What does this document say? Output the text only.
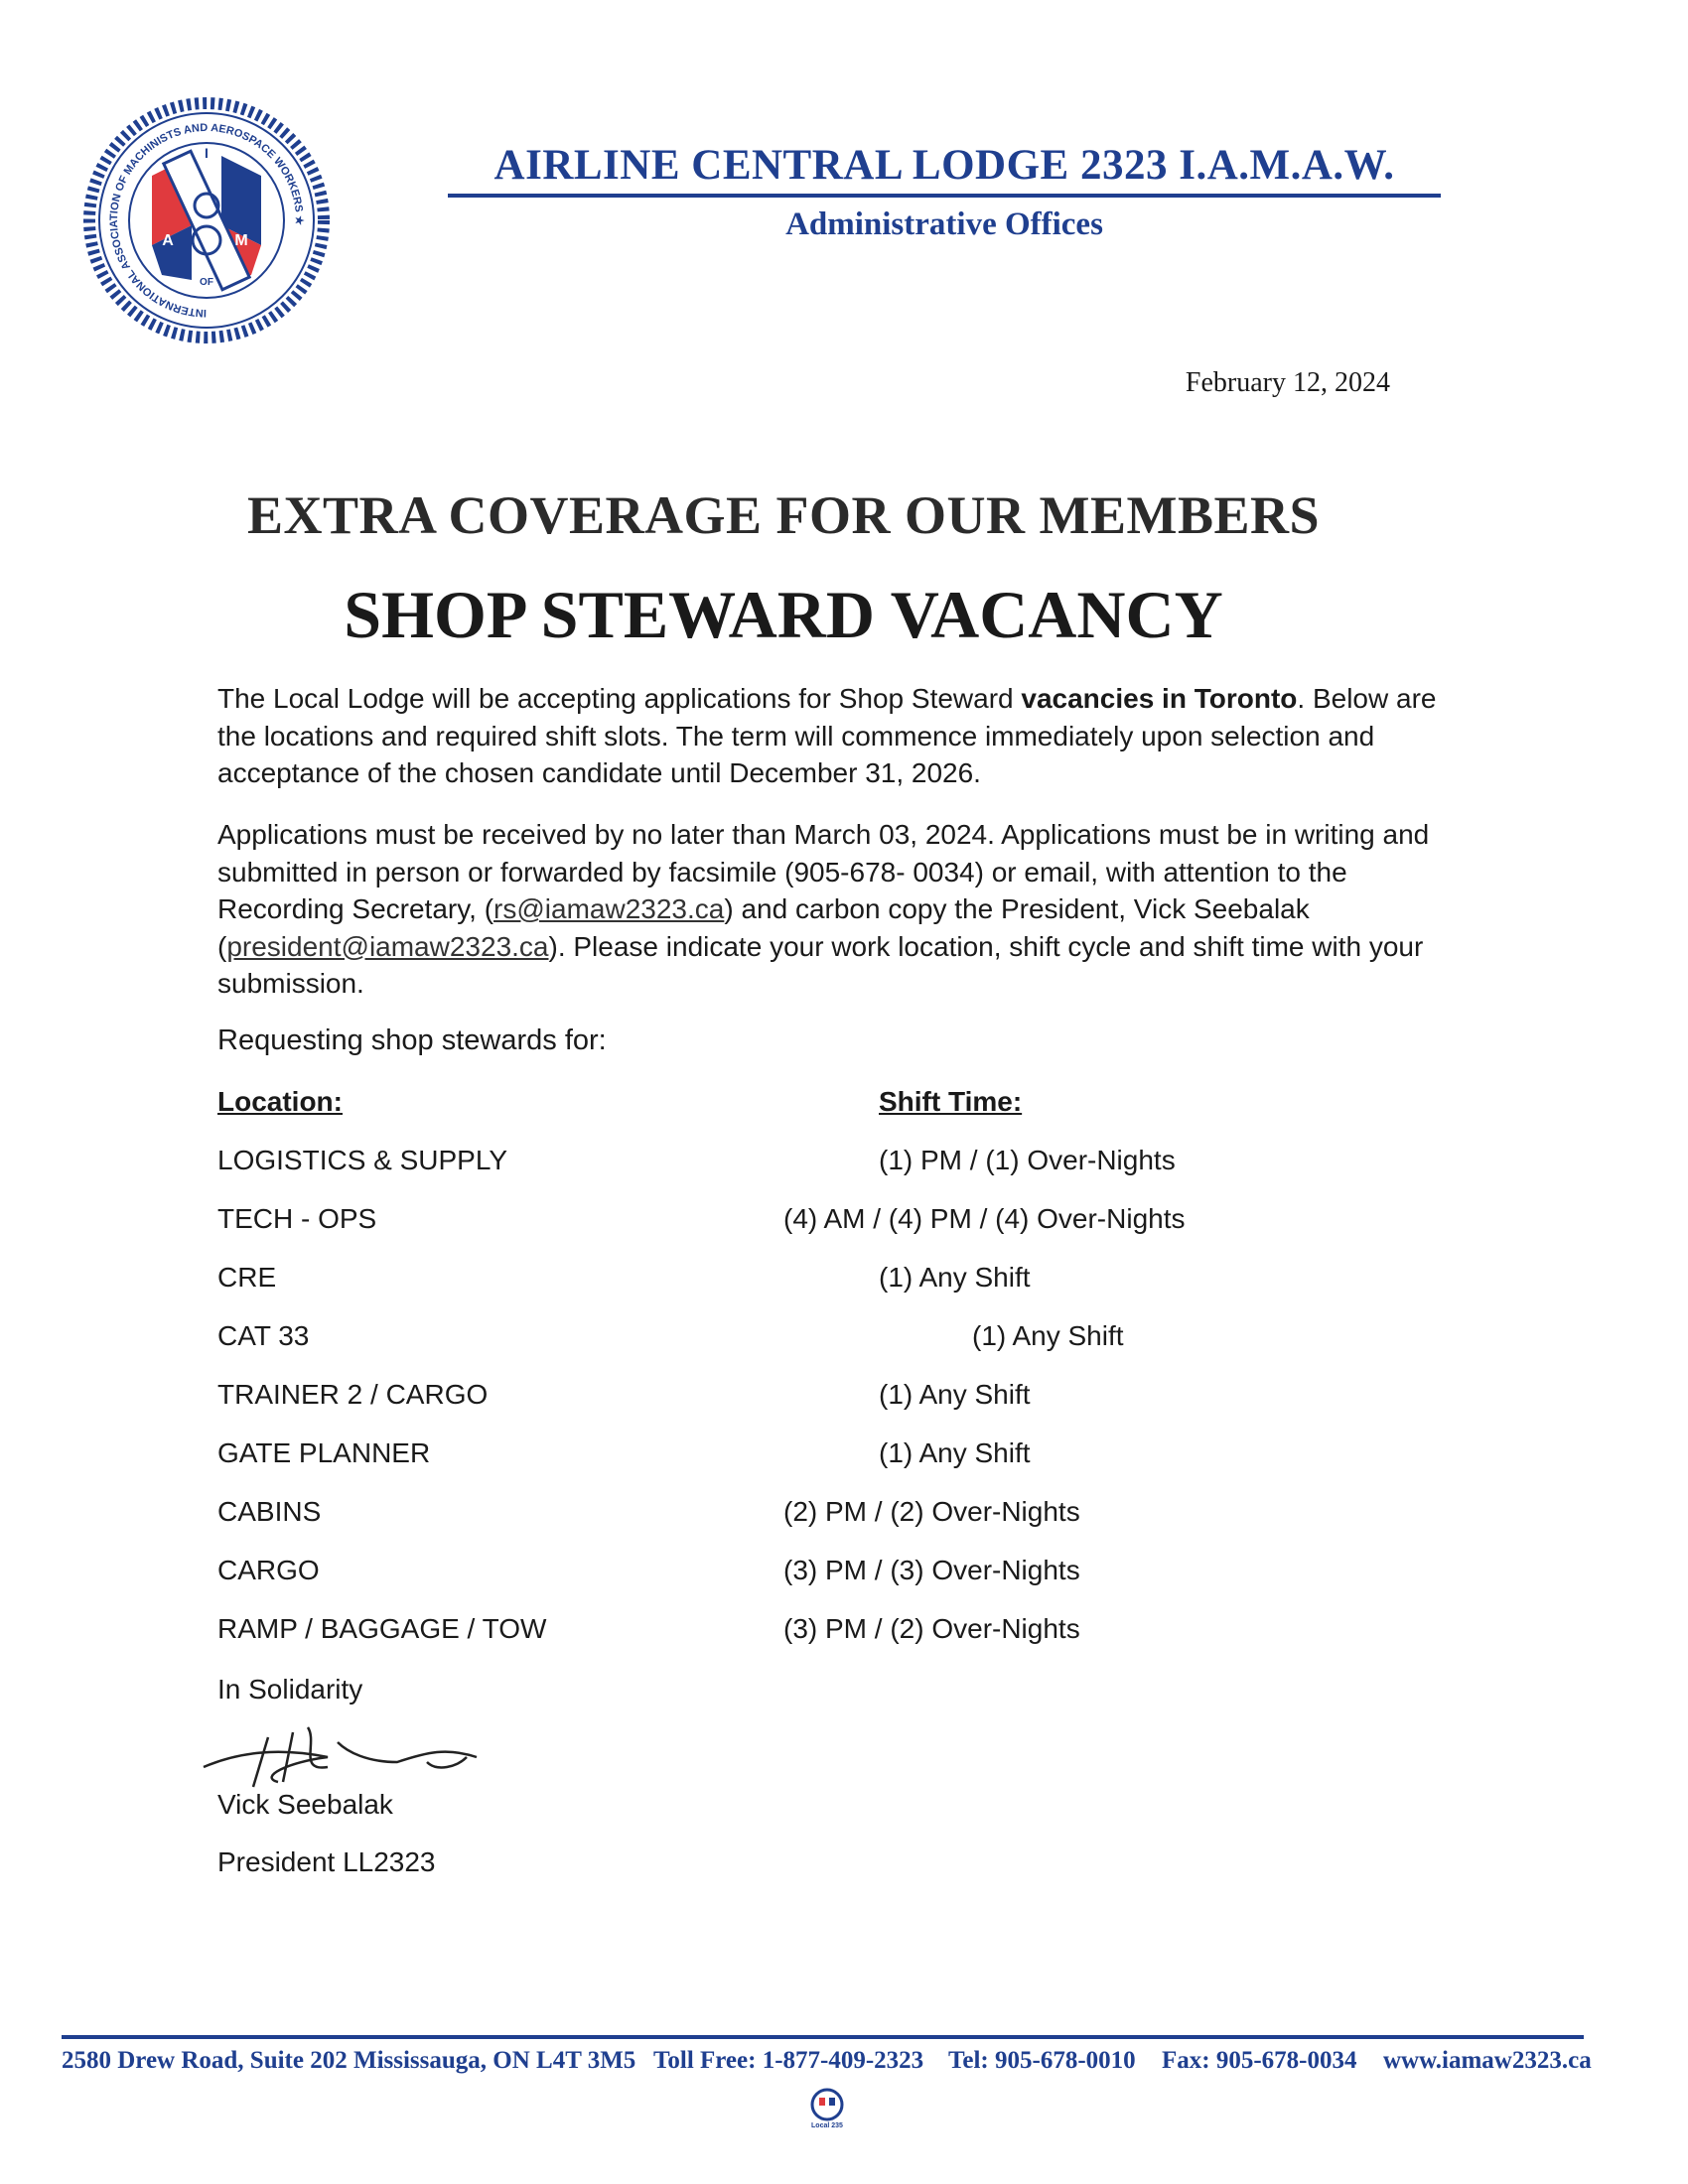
I
A	M
OF
INTERNATIONAL ASSOCIATION OF MACHINISTS AND AEROSPACE WORKERS ★
AIRLINE CENTRAL LODGE 2323 I.A.M.A.W.
Administrative Offices
February 12, 2024
EXTRA COVERAGE FOR OUR MEMBERS
SHOP STEWARD VACANCY
The Local Lodge will be accepting applications for Shop Steward vacancies in Toronto. Below are the locations and required shift slots. The term will commence immediately upon selection and acceptance of the chosen candidate until December 31, 2026.
Applications must be received by no later than March 03, 2024. Applications must be in writing and submitted in person or forwarded by facsimile (905-678- 0034) or email, with attention to the Recording Secretary, (rs@iamaw2323.ca) and carbon copy the President, Vick Seebalak (president@iamaw2323.ca). Please indicate your work location, shift cycle and shift time with your submission.
Requesting shop stewards for:
Location:	Shift Time:
LOGISTICS & SUPPLY	(1) PM / (1) Over-Nights
TECH - OPS	(4) AM / (4) PM / (4) Over-Nights
CRE	(1) Any Shift
CAT 33	(1) Any Shift
TRAINER 2 / CARGO	(1) Any Shift
GATE PLANNER	(1) Any Shift
CABINS	(2) PM / (2) Over-Nights
CARGO	(3) PM / (3) Over-Nights
RAMP / BAGGAGE / TOW	(3) PM / (2) Over-Nights
In Solidarity
Vick Seebalak
President LL2323
2580 Drew Road, Suite 202 Mississauga, ON L4T 3M5 Toll Free: 1-877-409-2323 Tel: 905-678-0010 Fax: 905-678-0034 www.iamaw2323.ca
Local 235
